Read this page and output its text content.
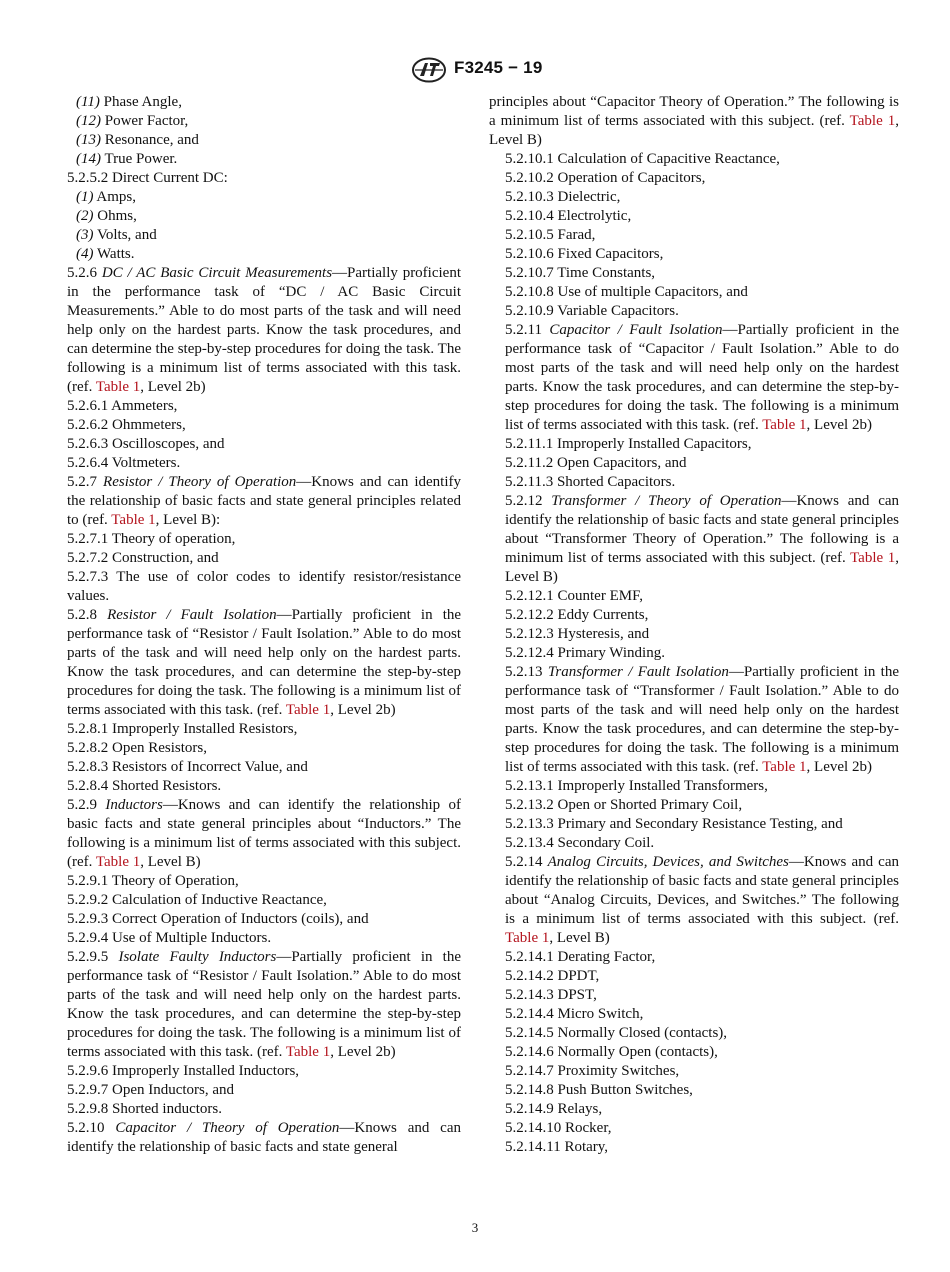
F3245 − 19

(11) Phase Angle,

(12) Power Factor,

(13) Resonance, and

(14) True Power.

5.2.5.2 Direct Current DC:

(1) Amps,

(2) Ohms,

(3) Volts, and

(4) Watts.

5.2.6 DC / AC Basic Circuit Measurements—Partially proficient in the performance task of “DC / AC Basic Circuit Measurements.” Able to do most parts of the task and will need help only on the hardest parts. Know the task procedures, and can determine the step-by-step procedures for doing the task. The following is a minimum list of terms associated with this task. (ref. Table 1, Level 2b)

5.2.6.1 Ammeters,

5.2.6.2 Ohmmeters,

5.2.6.3 Oscilloscopes, and

5.2.6.4 Voltmeters.

5.2.7 Resistor / Theory of Operation—Knows and can identify the relationship of basic facts and state general principles related to (ref. Table 1, Level B):

5.2.7.1 Theory of operation,

5.2.7.2 Construction, and

5.2.7.3 The use of color codes to identify resistor/resistance values.

5.2.8 Resistor / Fault Isolation—Partially proficient in the performance task of “Resistor / Fault Isolation.” Able to do most parts of the task and will need help only on the hardest parts. Know the task procedures, and can determine the step-by-step procedures for doing the task. The following is a minimum list of terms associated with this task. (ref. Table 1, Level 2b)

5.2.8.1 Improperly Installed Resistors,

5.2.8.2 Open Resistors,

5.2.8.3 Resistors of Incorrect Value, and

5.2.8.4 Shorted Resistors.

5.2.9 Inductors—Knows and can identify the relationship of basic facts and state general principles about “Inductors.” The following is a minimum list of terms associated with this subject. (ref. Table 1, Level B)

5.2.9.1 Theory of Operation,

5.2.9.2 Calculation of Inductive Reactance,

5.2.9.3 Correct Operation of Inductors (coils), and

5.2.9.4 Use of Multiple Inductors.

5.2.9.5 Isolate Faulty Inductors—Partially proficient in the performance task of “Resistor / Fault Isolation.” Able to do most parts of the task and will need help only on the hardest parts. Know the task procedures, and can determine the step-by-step procedures for doing the task. The following is a minimum list of terms associated with this task. (ref. Table 1, Level 2b)

5.2.9.6 Improperly Installed Inductors,

5.2.9.7 Open Inductors, and

5.2.9.8 Shorted inductors.

5.2.10 Capacitor / Theory of Operation—Knows and can identify the relationship of basic facts and state general

principles about “Capacitor Theory of Operation.” The following is a minimum list of terms associated with this subject. (ref. Table 1, Level B)

5.2.10.1 Calculation of Capacitive Reactance,

5.2.10.2 Operation of Capacitors,

5.2.10.3 Dielectric,

5.2.10.4 Electrolytic,

5.2.10.5 Farad,

5.2.10.6 Fixed Capacitors,

5.2.10.7 Time Constants,

5.2.10.8 Use of multiple Capacitors, and

5.2.10.9 Variable Capacitors.

5.2.11 Capacitor / Fault Isolation—Partially proficient in the performance task of “Capacitor / Fault Isolation.” Able to do most parts of the task and will need help only on the hardest parts. Know the task procedures, and can determine the step-by-step procedures for doing the task. The following is a minimum list of terms associated with this task. (ref. Table 1, Level 2b)

5.2.11.1 Improperly Installed Capacitors,

5.2.11.2 Open Capacitors, and

5.2.11.3 Shorted Capacitors.

5.2.12 Transformer / Theory of Operation—Knows and can identify the relationship of basic facts and state general principles about “Transformer Theory of Operation.” The following is a minimum list of terms associated with this subject. (ref. Table 1, Level B)

5.2.12.1 Counter EMF,

5.2.12.2 Eddy Currents,

5.2.12.3 Hysteresis, and

5.2.12.4 Primary Winding.

5.2.13 Transformer / Fault Isolation—Partially proficient in the performance task of “Transformer / Fault Isolation.” Able to do most parts of the task and will need help only on the hardest parts. Know the task procedures, and can determine the step-by-step procedures for doing the task. The following is a minimum list of terms associated with this task. (ref. Table 1, Level 2b)

5.2.13.1 Improperly Installed Transformers,

5.2.13.2 Open or Shorted Primary Coil,

5.2.13.3 Primary and Secondary Resistance Testing, and

5.2.13.4 Secondary Coil.

5.2.14 Analog Circuits, Devices, and Switches—Knows and can identify the relationship of basic facts and state general principles about “Analog Circuits, Devices, and Switches.” The following is a minimum list of terms associated with this subject. (ref. Table 1, Level B)

5.2.14.1 Derating Factor,

5.2.14.2 DPDT,

5.2.14.3 DPST,

5.2.14.4 Micro Switch,

5.2.14.5 Normally Closed (contacts),

5.2.14.6 Normally Open (contacts),

5.2.14.7 Proximity Switches,

5.2.14.8 Push Button Switches,

5.2.14.9 Relays,

5.2.14.10 Rocker,

5.2.14.11 Rotary,

3
